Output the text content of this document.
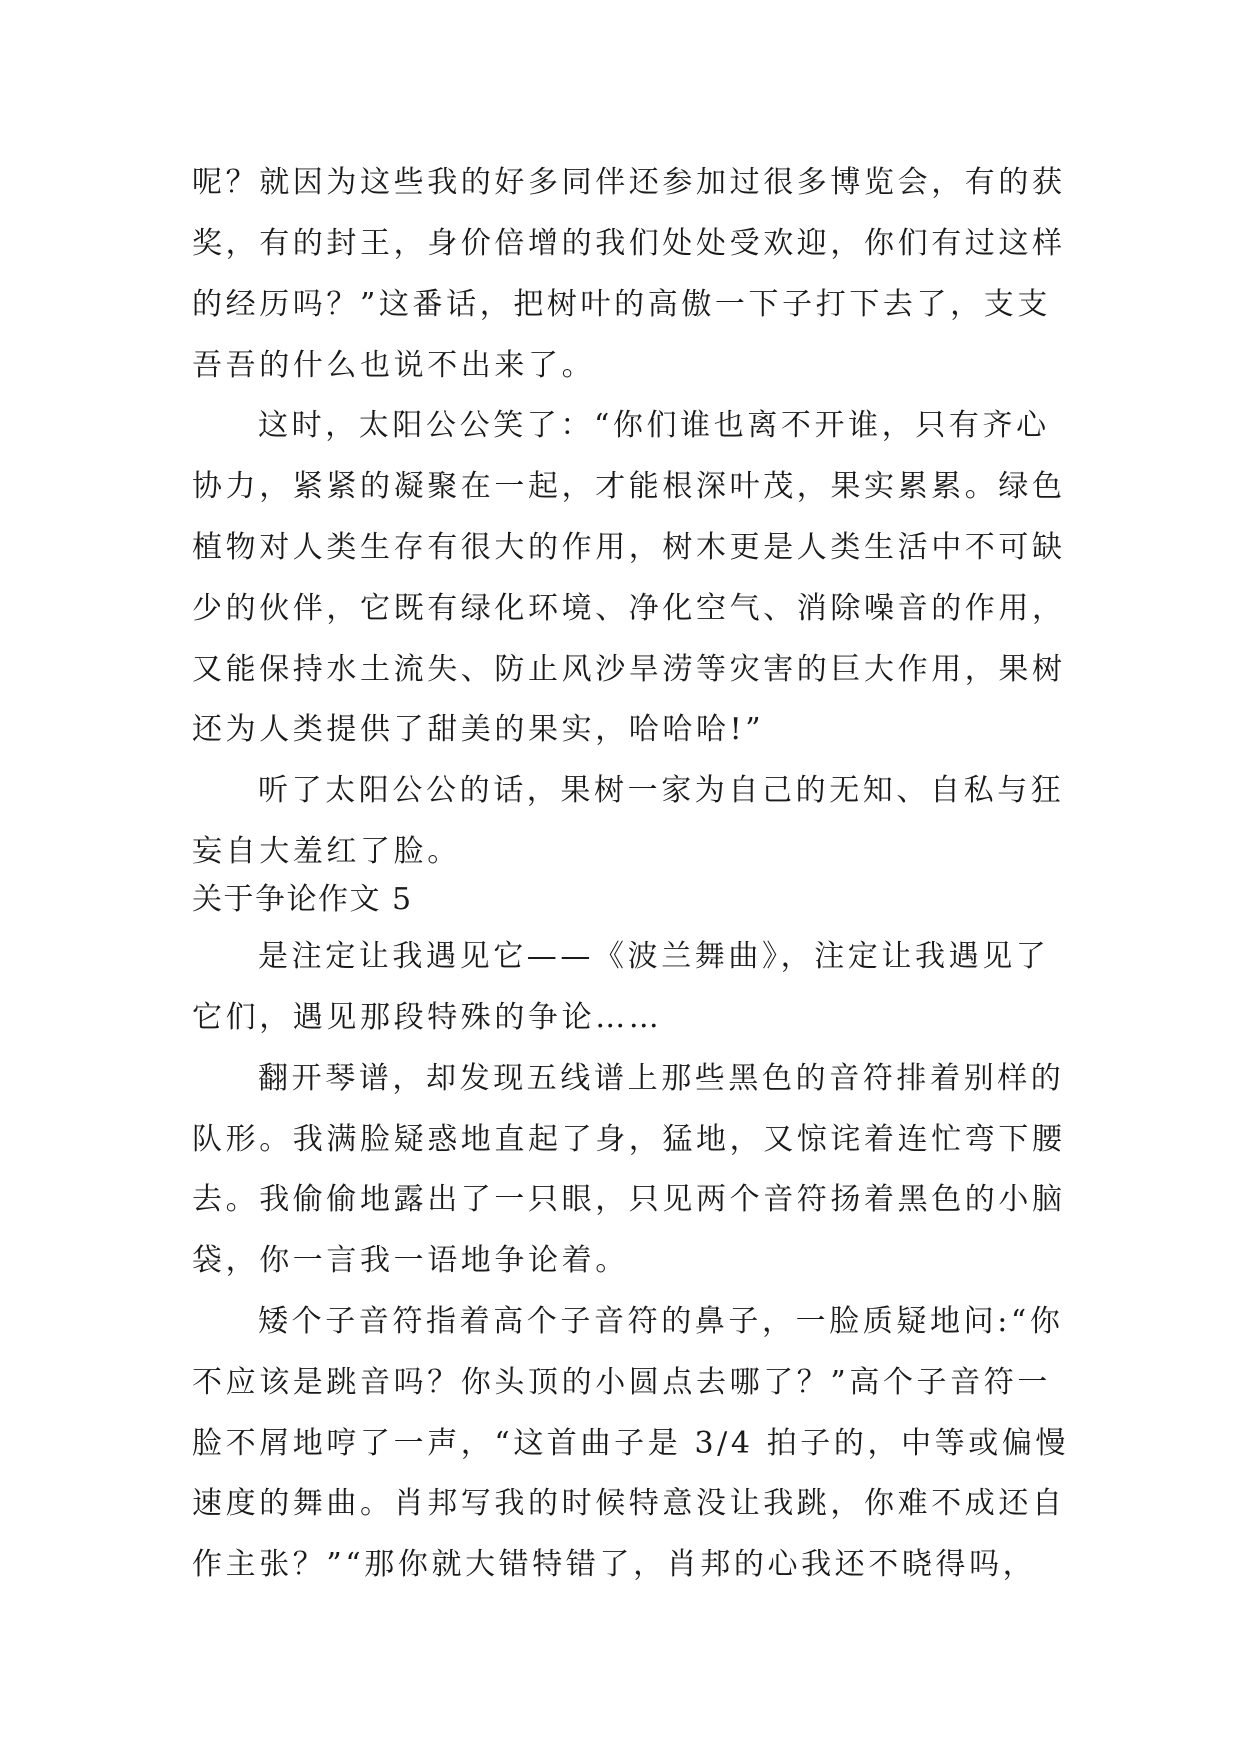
呢？就因为这些我的好多同伴还参加过很多博览会，有的获
奖，有的封王，身价倍增的我们处处受欢迎，你们有过这样
的经历吗？”这番话，把树叶的高傲一下子打下去了，支支
吾吾的什么也说不出来了。
这时，太阳公公笑了：“你们谁也离不开谁，只有齐心
协力，紧紧的凝聚在一起，才能根深叶茂，果实累累。绿色
植物对人类生存有很大的作用，树木更是人类生活中不可缺
少的伙伴，它既有绿化环境、净化空气、消除噪音的作用，
又能保持水土流失、防止风沙旱涝等灾害的巨大作用，果树
还为人类提供了甜美的果实，哈哈哈!”
听了太阳公公的话，果树一家为自己的无知、自私与狂
妄自大羞红了脸。
关于争论作文 5
是注定让我遇见它——《波兰舞曲》，注定让我遇见了
它们，遇见那段特殊的争论……
翻开琴谱，却发现五线谱上那些黑色的音符排着别样的
队形。我满脸疑惑地直起了身，猛地，又惊诧着连忙弯下腰
去。我偷偷地露出了一只眼，只见两个音符扬着黑色的小脑
袋，你一言我一语地争论着。
矮个子音符指着高个子音符的鼻子，一脸质疑地问:“你
不应该是跳音吗？你头顶的小圆点去哪了？”高个子音符一
脸不屑地哼了一声，“这首曲子是 3/4 拍子的，中等或偏慢
速度的舞曲。肖邦写我的时候特意没让我跳，你难不成还自
作主张？”“那你就大错特错了，肖邦的心我还不晓得吗，
